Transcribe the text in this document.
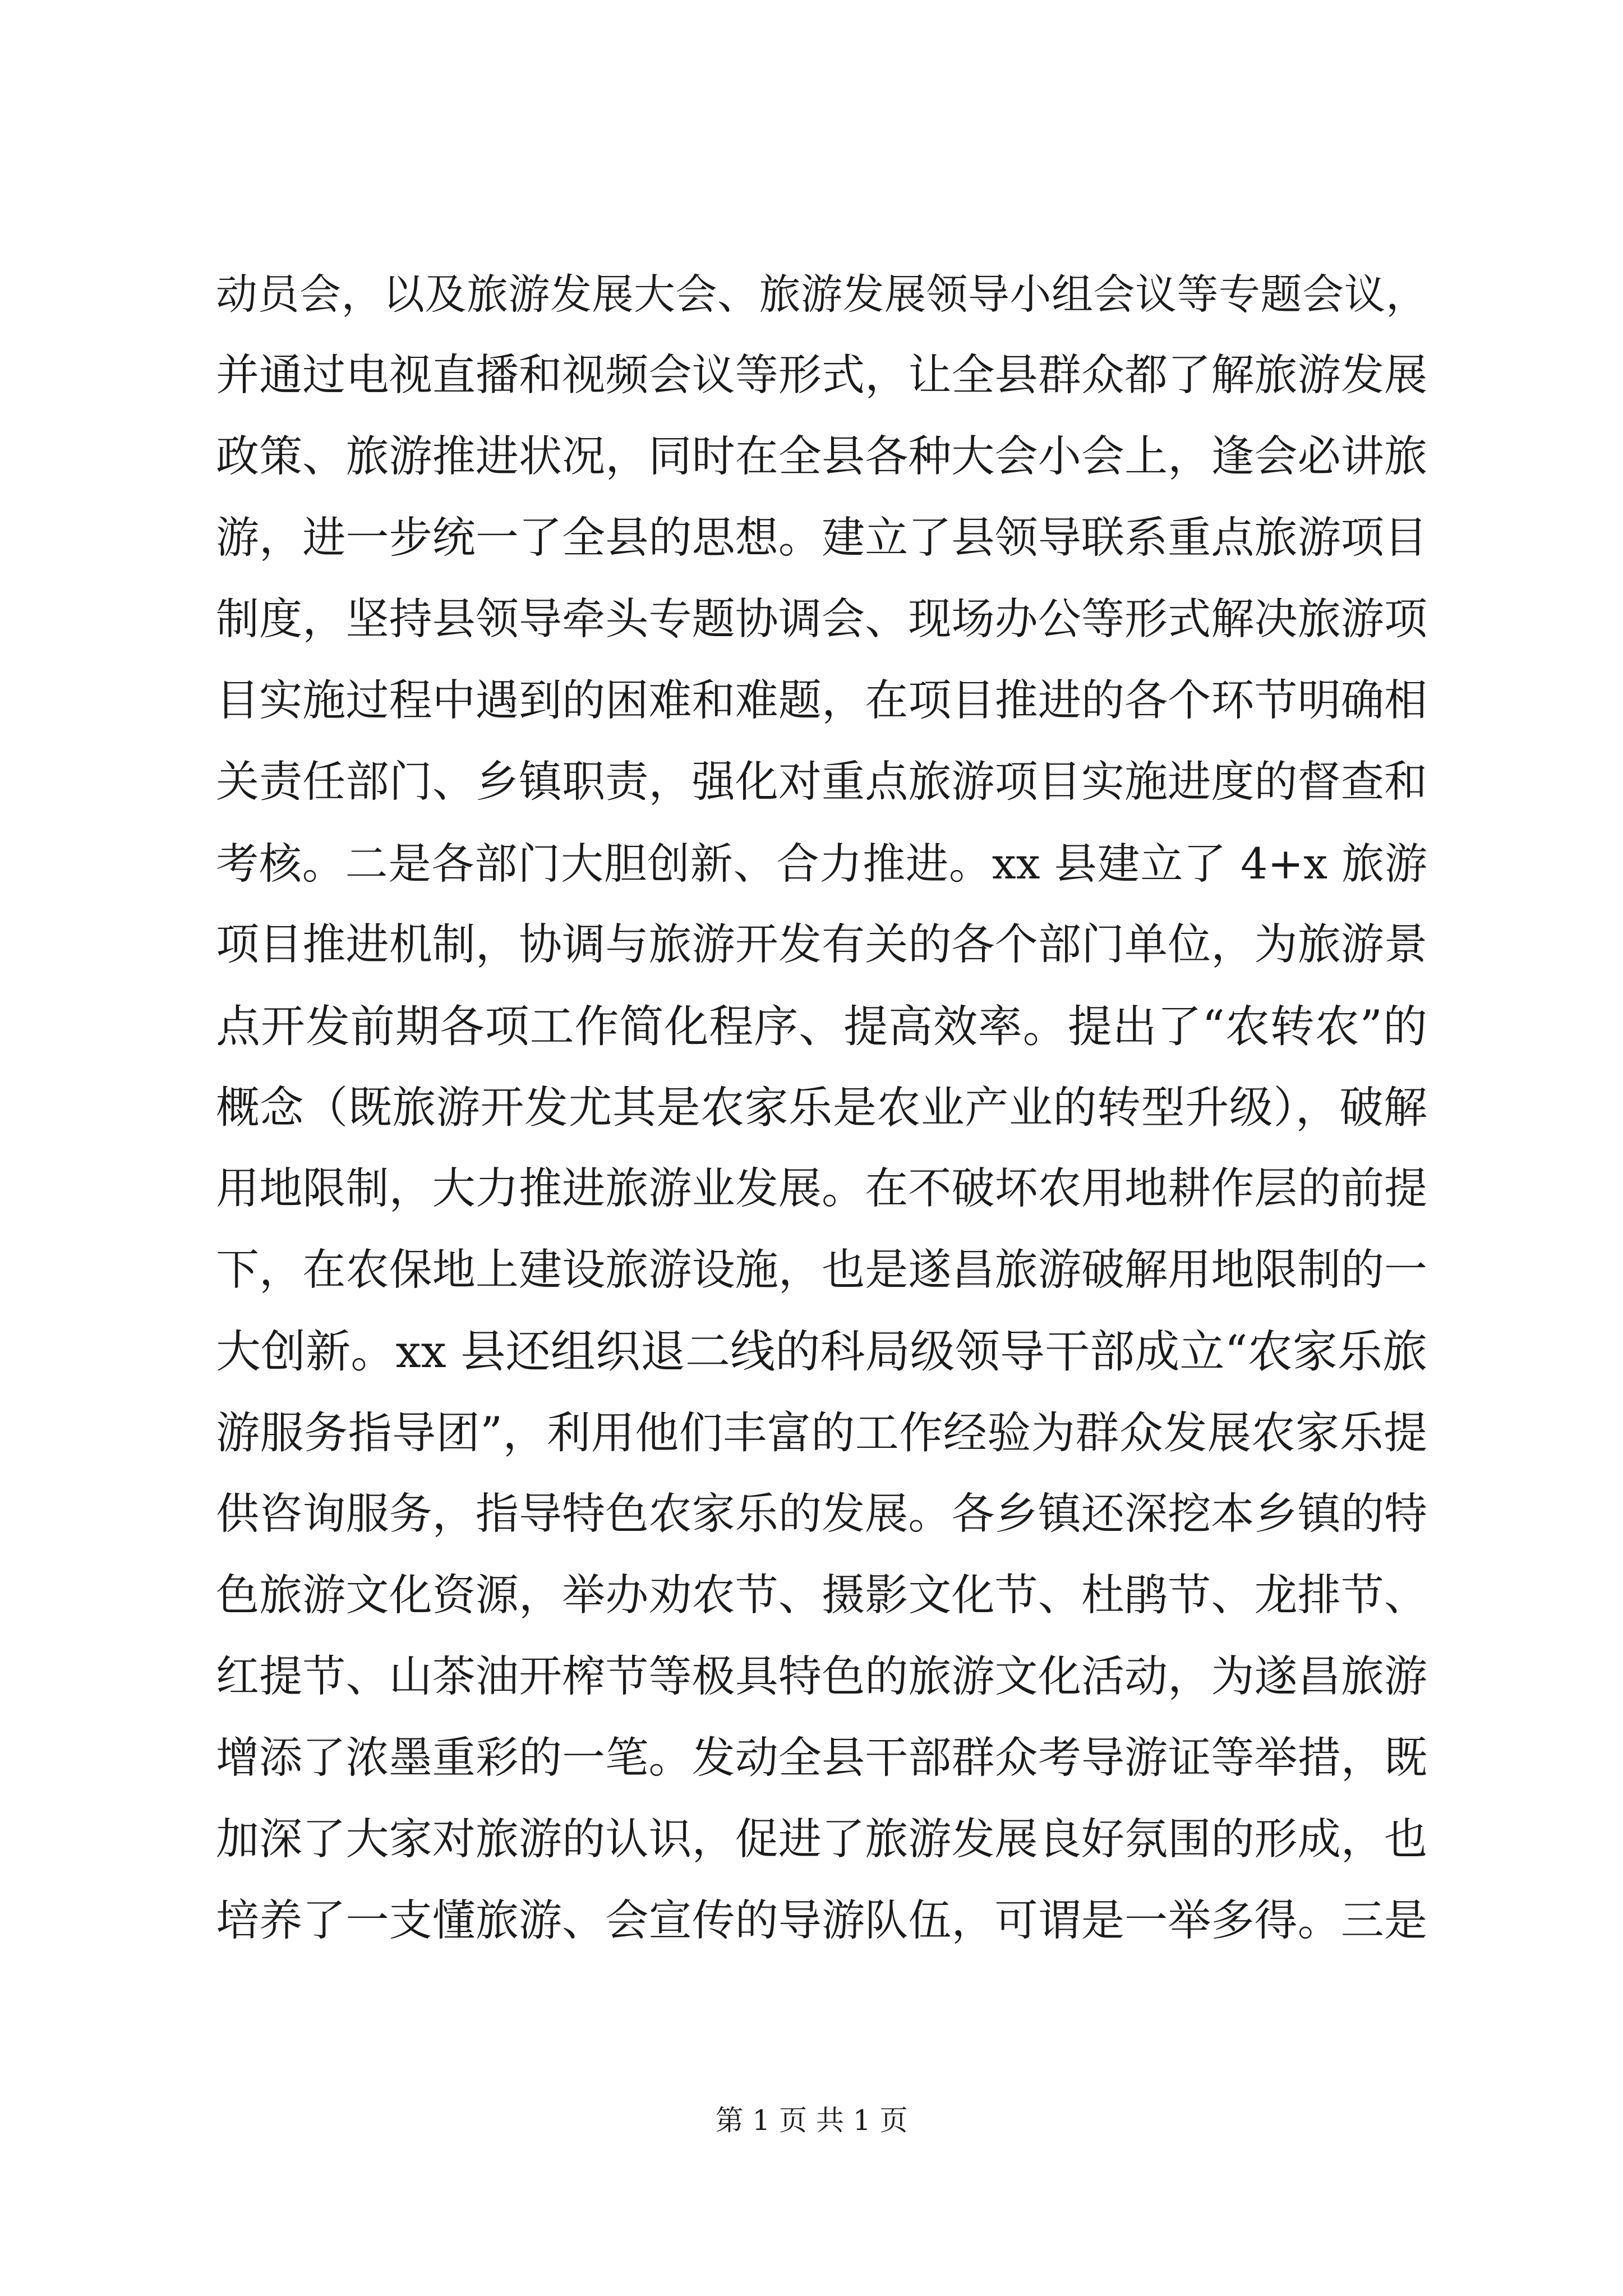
动员会，以及旅游发展大会、旅游发展领导小组会议等专题会议，
并通过电视直播和视频会议等形式，让全县群众都了解旅游发展
政策、旅游推进状况，同时在全县各种大会小会上，逢会必讲旅
游，进一步统一了全县的思想。建立了县领导联系重点旅游项目
制度，坚持县领导牵头专题协调会、现场办公等形式解决旅游项
目实施过程中遇到的困难和难题，在项目推进的各个环节明确相
关责任部门、乡镇职责，强化对重点旅游项目实施进度的督查和
考核。二是各部门大胆创新、合力推进。xx 县建立了 4+x 旅游
项目推进机制，协调与旅游开发有关的各个部门单位，为旅游景
点开发前期各项工作简化程序、提高效率。提出了“农转农”的
概念（既旅游开发尤其是农家乐是农业产业的转型升级），破解
用地限制，大力推进旅游业发展。在不破坏农用地耕作层的前提
下，在农保地上建设旅游设施，也是遂昌旅游破解用地限制的一
大创新。xx 县还组织退二线的科局级领导干部成立“农家乐旅
游服务指导团”，利用他们丰富的工作经验为群众发展农家乐提
供咨询服务，指导特色农家乐的发展。各乡镇还深挖本乡镇的特
色旅游文化资源，举办劝农节、摄影文化节、杜鹃节、龙排节、
红提节、山茶油开榨节等极具特色的旅游文化活动，为遂昌旅游
增添了浓墨重彩的一笔。发动全县干部群众考导游证等举措，既
加深了大家对旅游的认识，促进了旅游发展良好氛围的形成，也
培养了一支懂旅游、会宣传的导游队伍，可谓是一举多得。三是
第 1 页 共 1 页
